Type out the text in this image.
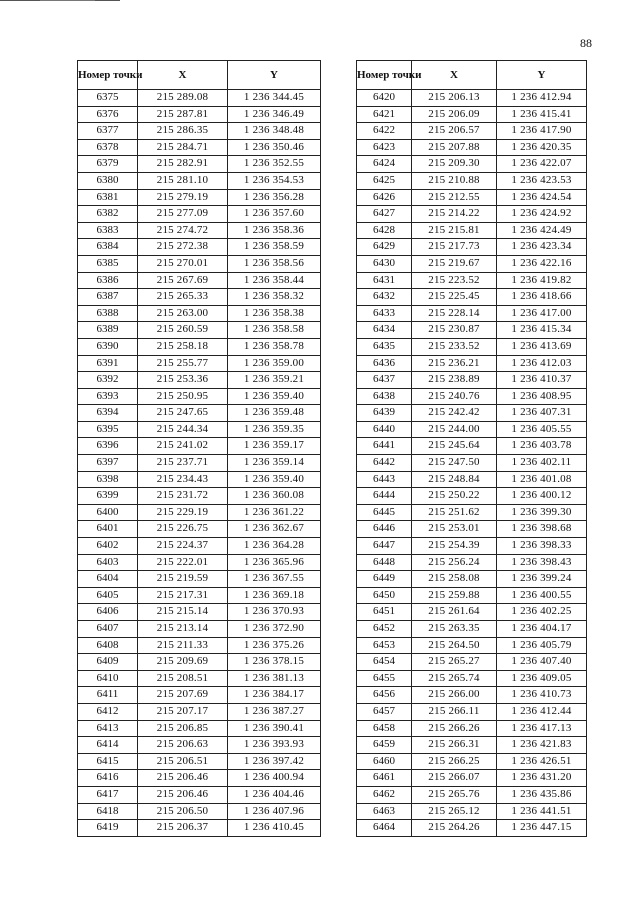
88
Номер точки	X	Y
6375	215 289.08	1 236 344.45
6376	215 287.81	1 236 346.49
6377	215 286.35	1 236 348.48
6378	215 284.71	1 236 350.46
6379	215 282.91	1 236 352.55
6380	215 281.10	1 236 354.53
6381	215 279.19	1 236 356.28
6382	215 277.09	1 236 357.60
6383	215 274.72	1 236 358.36
6384	215 272.38	1 236 358.59
6385	215 270.01	1 236 358.56
6386	215 267.69	1 236 358.44
6387	215 265.33	1 236 358.32
6388	215 263.00	1 236 358.38
6389	215 260.59	1 236 358.58
6390	215 258.18	1 236 358.78
6391	215 255.77	1 236 359.00
6392	215 253.36	1 236 359.21
6393	215 250.95	1 236 359.40
6394	215 247.65	1 236 359.48
6395	215 244.34	1 236 359.35
6396	215 241.02	1 236 359.17
6397	215 237.71	1 236 359.14
6398	215 234.43	1 236 359.40
6399	215 231.72	1 236 360.08
6400	215 229.19	1 236 361.22
6401	215 226.75	1 236 362.67
6402	215 224.37	1 236 364.28
6403	215 222.01	1 236 365.96
6404	215 219.59	1 236 367.55
6405	215 217.31	1 236 369.18
6406	215 215.14	1 236 370.93
6407	215 213.14	1 236 372.90
6408	215 211.33	1 236 375.26
6409	215 209.69	1 236 378.15
6410	215 208.51	1 236 381.13
6411	215 207.69	1 236 384.17
6412	215 207.17	1 236 387.27
6413	215 206.85	1 236 390.41
6414	215 206.63	1 236 393.93
6415	215 206.51	1 236 397.42
6416	215 206.46	1 236 400.94
6417	215 206.46	1 236 404.46
6418	215 206.50	1 236 407.96
6419	215 206.37	1 236 410.45
Номер точки	X	Y
6420	215 206.13	1 236 412.94
6421	215 206.09	1 236 415.41
6422	215 206.57	1 236 417.90
6423	215 207.88	1 236 420.35
6424	215 209.30	1 236 422.07
6425	215 210.88	1 236 423.53
6426	215 212.55	1 236 424.54
6427	215 214.22	1 236 424.92
6428	215 215.81	1 236 424.49
6429	215 217.73	1 236 423.34
6430	215 219.67	1 236 422.16
6431	215 223.52	1 236 419.82
6432	215 225.45	1 236 418.66
6433	215 228.14	1 236 417.00
6434	215 230.87	1 236 415.34
6435	215 233.52	1 236 413.69
6436	215 236.21	1 236 412.03
6437	215 238.89	1 236 410.37
6438	215 240.76	1 236 408.95
6439	215 242.42	1 236 407.31
6440	215 244.00	1 236 405.55
6441	215 245.64	1 236 403.78
6442	215 247.50	1 236 402.11
6443	215 248.84	1 236 401.08
6444	215 250.22	1 236 400.12
6445	215 251.62	1 236 399.30
6446	215 253.01	1 236 398.68
6447	215 254.39	1 236 398.33
6448	215 256.24	1 236 398.43
6449	215 258.08	1 236 399.24
6450	215 259.88	1 236 400.55
6451	215 261.64	1 236 402.25
6452	215 263.35	1 236 404.17
6453	215 264.50	1 236 405.79
6454	215 265.27	1 236 407.40
6455	215 265.74	1 236 409.05
6456	215 266.00	1 236 410.73
6457	215 266.11	1 236 412.44
6458	215 266.26	1 236 417.13
6459	215 266.31	1 236 421.83
6460	215 266.25	1 236 426.51
6461	215 266.07	1 236 431.20
6462	215 265.76	1 236 435.86
6463	215 265.12	1 236 441.51
6464	215 264.26	1 236 447.15
